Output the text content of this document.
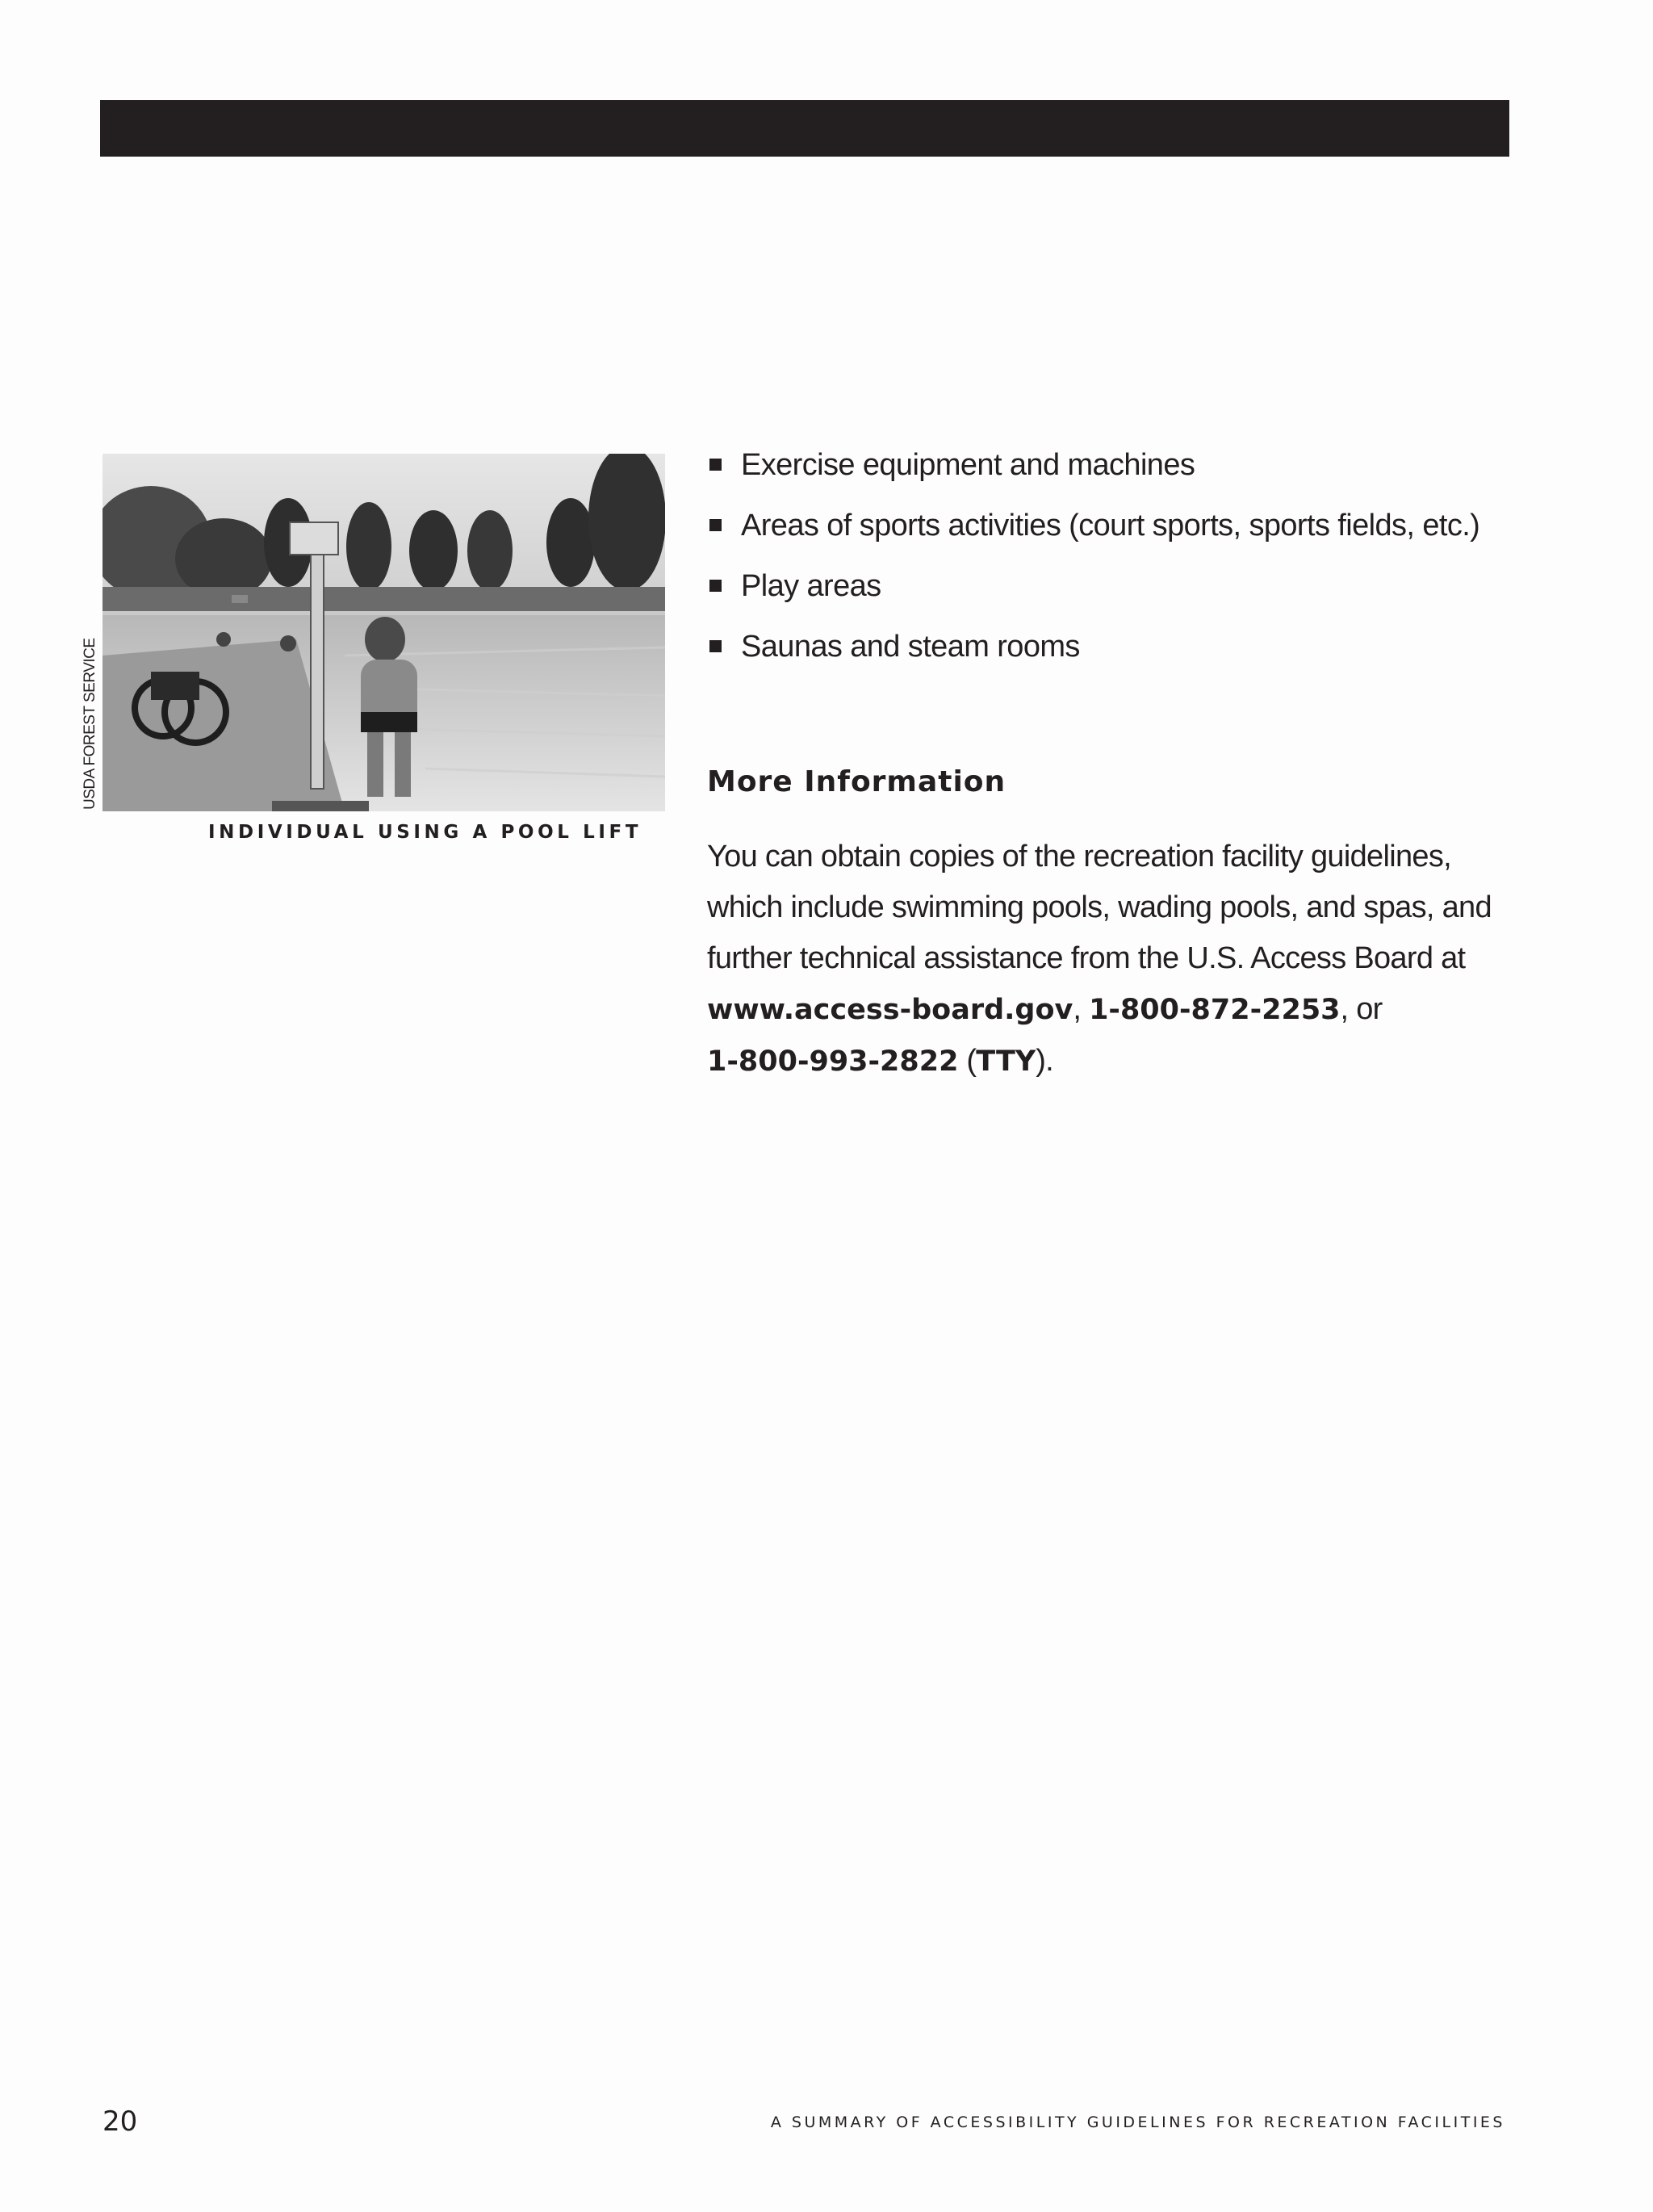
USDA FOREST SERVICE
INDIVIDUAL USING A POOL LIFT
Exercise equipment and machines
Areas of sports activities (court sports, sports fields, etc.)
Play areas
Saunas and steam rooms
More Information

You can obtain copies of the recreation facility guidelines, which include swimming pools, wading pools, and spas, and further technical assistance from the U.S. Access Board at www.access-board.gov, 1-800-872-2253, or
1-800-993-2822 (TTY).

20	A SUMMARY OF ACCESSIBILITY GUIDELINES FOR RECREATION FACILITIES
